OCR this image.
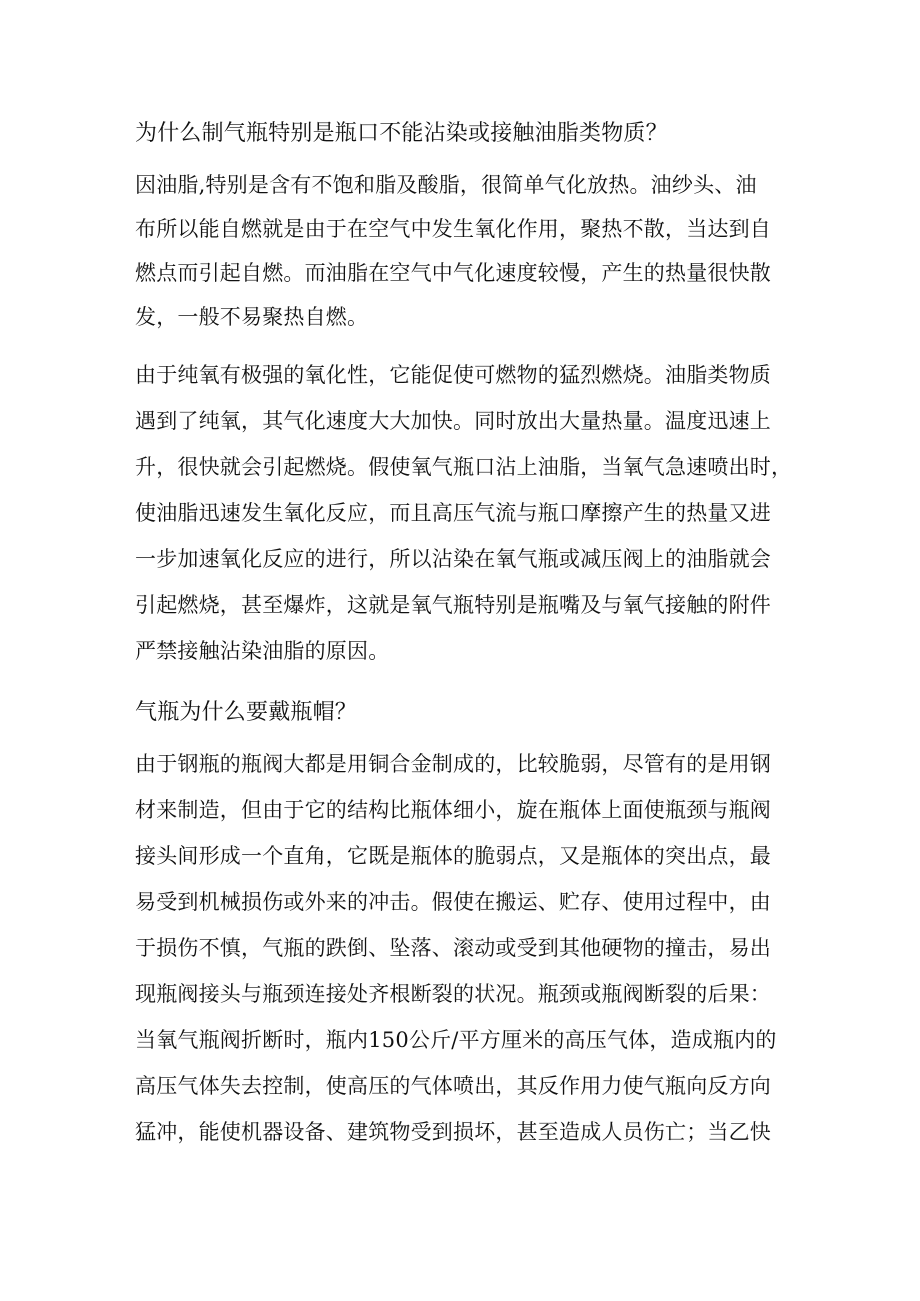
为什么制气瓶特别是瓶口不能沾染或接触油脂类物质？
因油脂,特别是含有不饱和脂及酸脂，很简单气化放热。油纱头、油
布所以能自燃就是由于在空气中发生氧化作用，聚热不散，当达到自
燃点而引起自燃。而油脂在空气中气化速度较慢，产生的热量很快散
发，一般不易聚热自燃。
由于纯氧有极强的氧化性，它能促使可燃物的猛烈燃烧。油脂类物质
遇到了纯氧，其气化速度大大加快。同时放出大量热量。温度迅速上
升，很快就会引起燃烧。假使氧气瓶口沾上油脂，当氧气急速喷出时，
使油脂迅速发生氧化反应，而且高压气流与瓶口摩擦产生的热量又进
一步加速氧化反应的进行，所以沾染在氧气瓶或减压阀上的油脂就会
引起燃烧，甚至爆炸，这就是氧气瓶特别是瓶嘴及与氧气接触的附件
严禁接触沾染油脂的原因。
气瓶为什么要戴瓶帽？
由于钢瓶的瓶阀大都是用铜合金制成的，比较脆弱，尽管有的是用钢
材来制造，但由于它的结构比瓶体细小，旋在瓶体上面使瓶颈与瓶阀
接头间形成一个直角，它既是瓶体的脆弱点，又是瓶体的突出点，最
易受到机械损伤或外来的冲击。假使在搬运、贮存、使用过程中，由
于损伤不慎，气瓶的跌倒、坠落、滚动或受到其他硬物的撞击，易出
现瓶阀接头与瓶颈连接处齐根断裂的状况。瓶颈或瓶阀断裂的后果：
当氧气瓶阀折断时，瓶内150公斤/平方厘米的高压气体，造成瓶内的
高压气体失去控制，使高压的气体喷出，其反作用力使气瓶向反方向
猛冲，能使机器设备、建筑物受到损坏，甚至造成人员伤亡；当乙快
